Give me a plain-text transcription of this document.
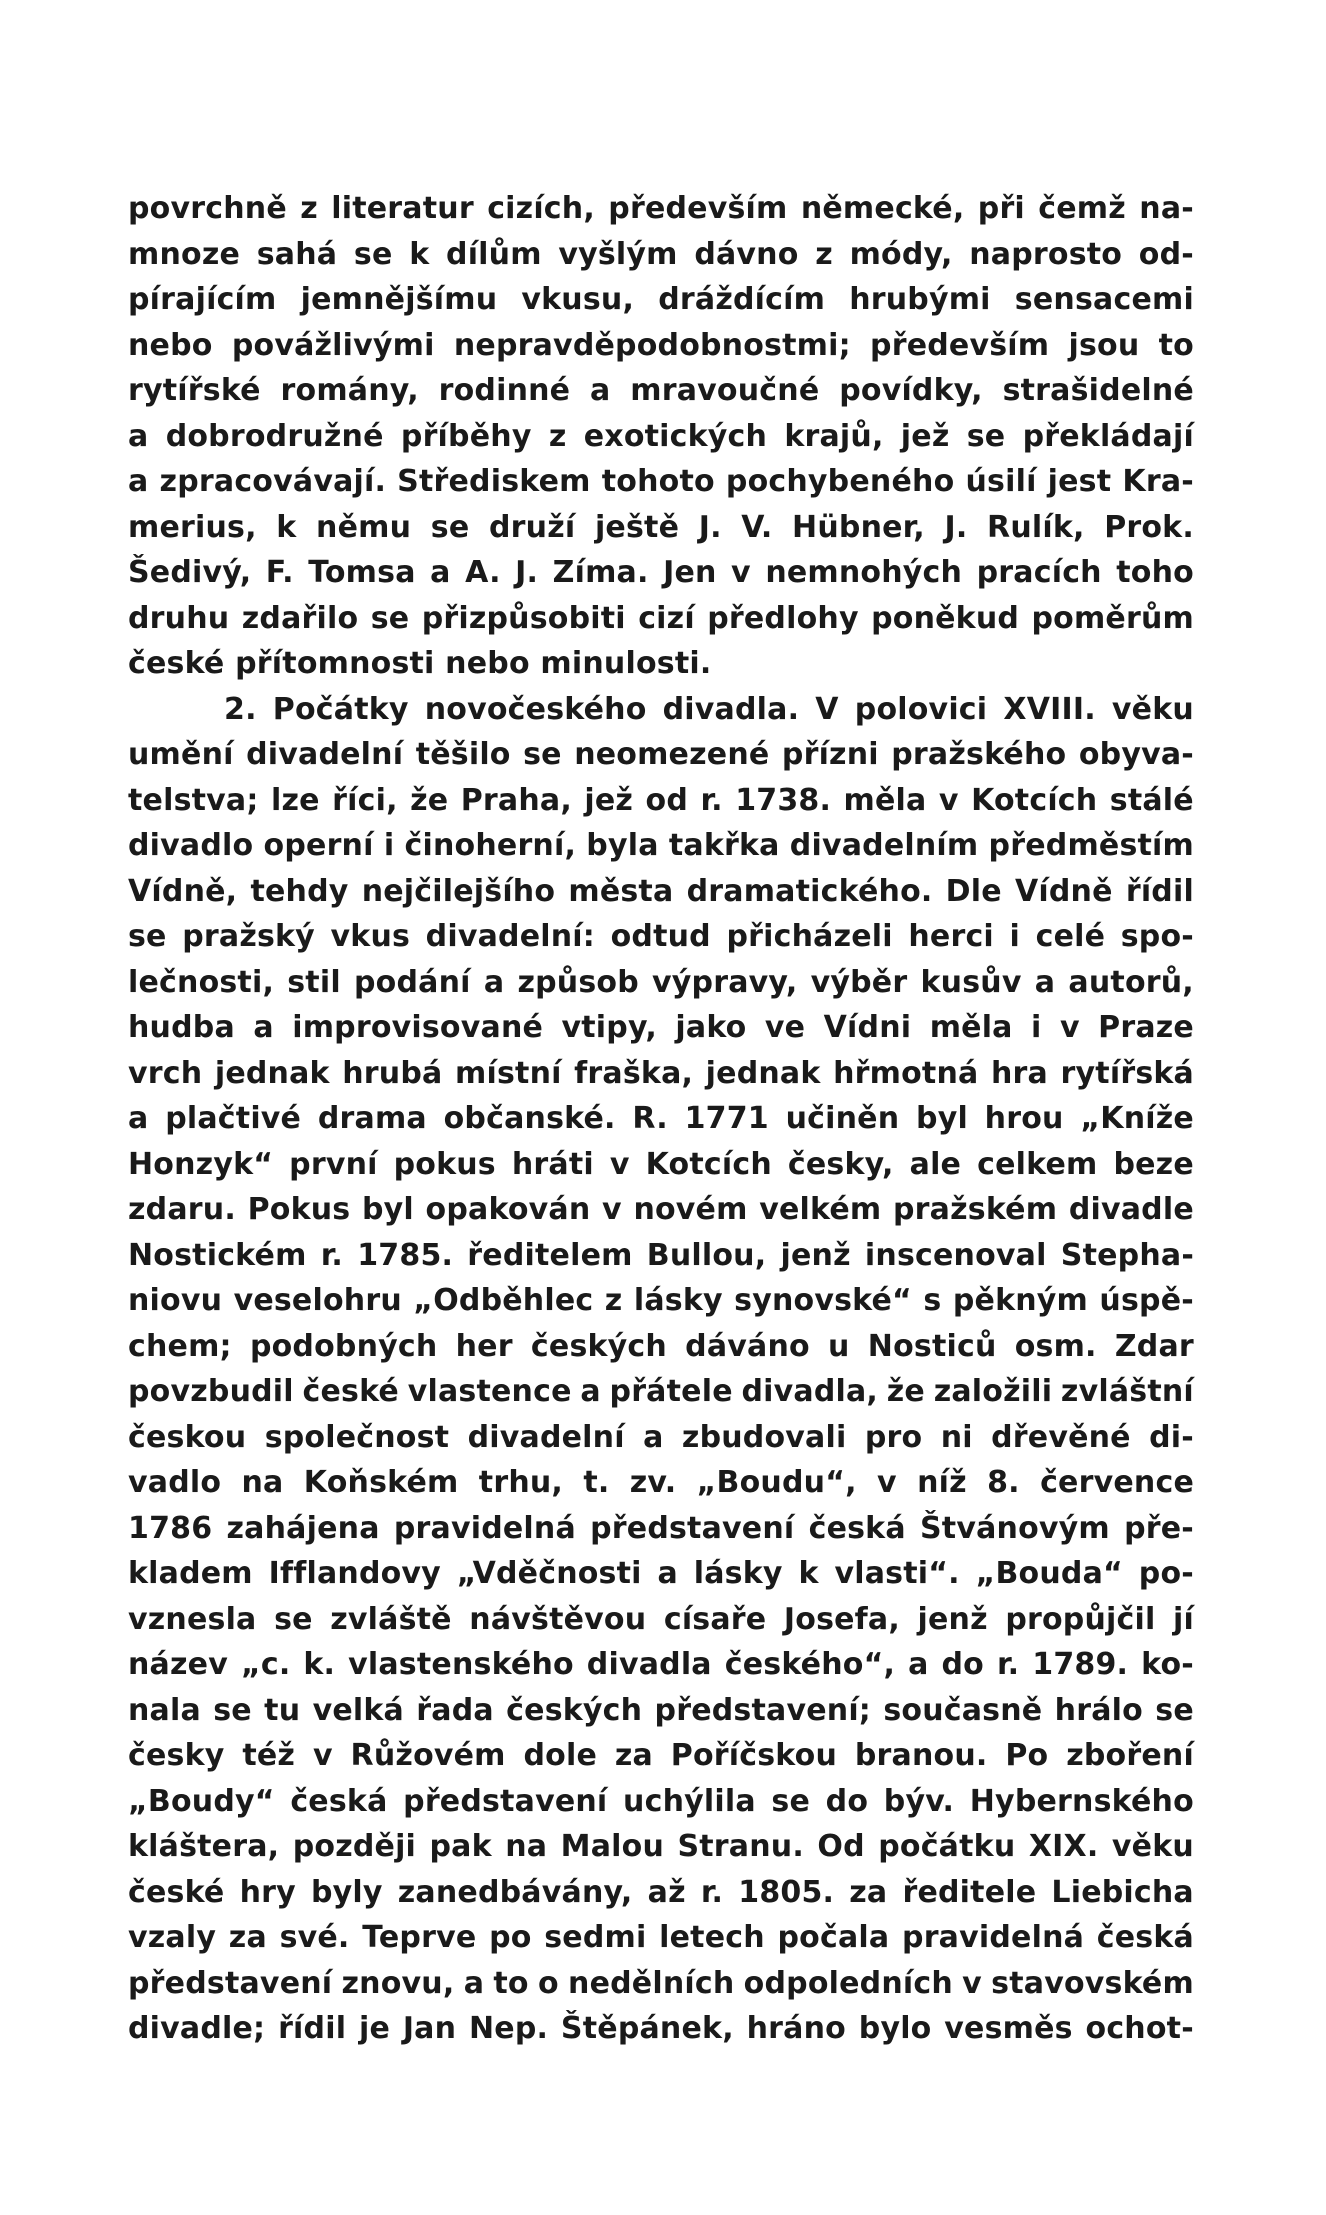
povrchně z literatur cizích, především německé, při čemž na-
mnoze sahá se k dílům vyšlým dávno z módy, naprosto od-
pírajícím jemnějšímu vkusu, dráždícím hrubými sensacemi
nebo povážlivými nepravděpodobnostmi; především jsou to
rytířské romány, rodinné a mravoučné povídky, strašidelné
a dobrodružné příběhy z exotických krajů, jež se překládají
a zpracovávají. Střediskem tohoto pochybeného úsilí jest Kra-
merius, k němu se druží ještě J. V. Hübner, J. Rulík, Prok.
Šedivý, F. Tomsa a A. J. Zíma. Jen v nemnohých pracích toho
druhu zdařilo se přizpůsobiti cizí předlohy poněkud poměrům
české přítomnosti nebo minulosti.
2. Počátky novočeského divadla. V polovici XVIII. věku
umění divadelní těšilo se neomezené přízni pražského obyva-
telstva; lze říci, že Praha, jež od r. 1738. měla v Kotcích stálé
divadlo operní i činoherní, byla takřka divadelním předměstím
Vídně, tehdy nejčilejšího města dramatického. Dle Vídně řídil
se pražský vkus divadelní: odtud přicházeli herci i celé spo-
lečnosti, stil podání a způsob výpravy, výběr kusův a autorů,
hudba a improvisované vtipy, jako ve Vídni měla i v Praze
vrch jednak hrubá místní fraška, jednak hřmotná hra rytířská
a plačtivé drama občanské. R. 1771 učiněn byl hrou „Kníže
Honzyk“ první pokus hráti v Kotcích česky, ale celkem beze
zdaru. Pokus byl opakován v novém velkém pražském divadle
Nostickém r. 1785. ředitelem Bullou, jenž inscenoval Stepha-
niovu veselohru „Odběhlec z lásky synovské“ s pěkným úspě-
chem; podobných her českých dáváno u Nosticů osm. Zdar
povzbudil české vlastence a přátele divadla, že založili zvláštní
českou společnost divadelní a zbudovali pro ni dřevěné di-
vadlo na Koňském trhu, t. zv. „Boudu“, v níž 8. července
1786 zahájena pravidelná představení česká Štvánovým pře-
kladem Ifflandovy „Vděčnosti a lásky k vlasti“. „Bouda“ po-
vznesla se zvláště návštěvou císaře Josefa, jenž propůjčil jí
název „c. k. vlastenského divadla českého“, a do r. 1789. ko-
nala se tu velká řada českých představení; současně hrálo se
česky též v Růžovém dole za Poříčskou branou. Po zboření
„Boudy“ česká představení uchýlila se do býv. Hybernského
kláštera, později pak na Malou Stranu. Od počátku XIX. věku
české hry byly zanedbávány, až r. 1805. za ředitele Liebicha
vzaly za své. Teprve po sedmi letech počala pravidelná česká
představení znovu, a to o nedělních odpoledních v stavovském
divadle; řídil je Jan Nep. Štěpánek, hráno bylo vesměs ochot-
